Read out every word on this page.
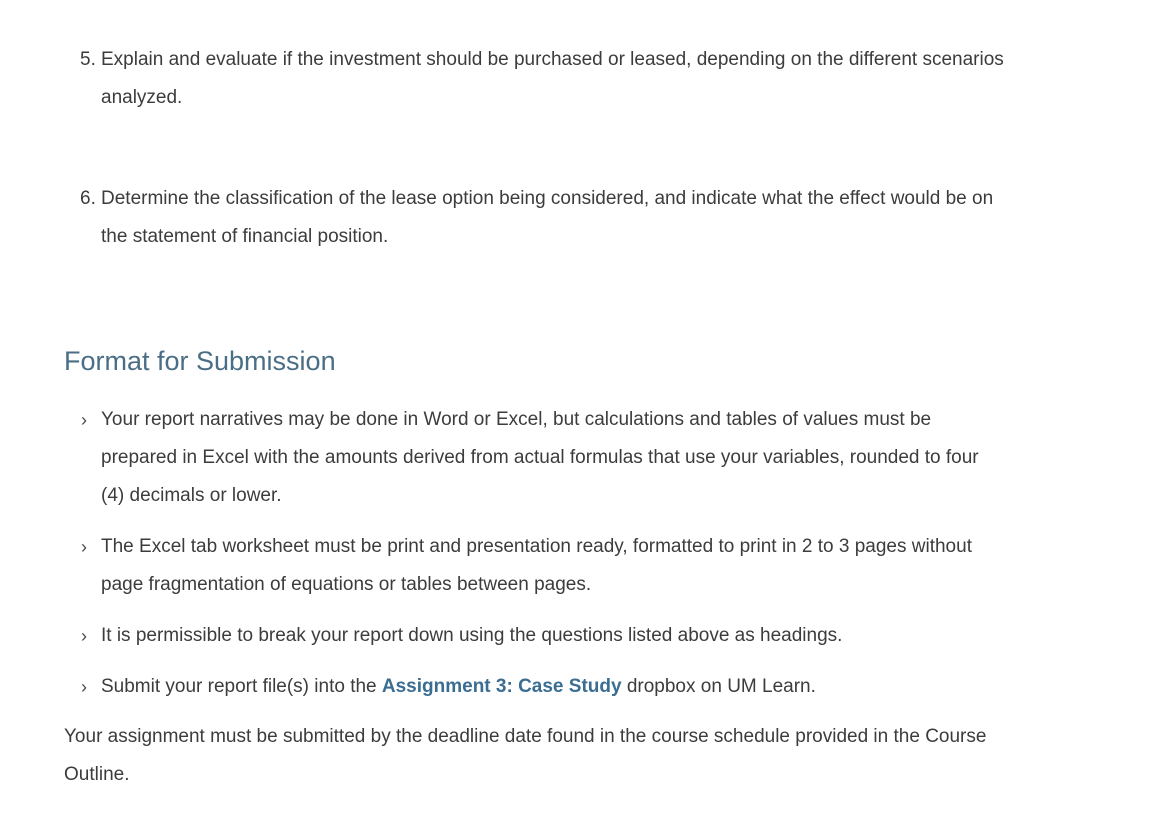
5. Explain and evaluate if the investment should be purchased or leased, depending on the different scenarios analyzed.
6. Determine the classification of the lease option being considered, and indicate what the effect would be on the statement of financial position.
Format for Submission
› Your report narratives may be done in Word or Excel, but calculations and tables of values must be prepared in Excel with the amounts derived from actual formulas that use your variables, rounded to four (4) decimals or lower.
› The Excel tab worksheet must be print and presentation ready, formatted to print in 2 to 3 pages without page fragmentation of equations or tables between pages.
› It is permissible to break your report down using the questions listed above as headings.
› Submit your report file(s) into the Assignment 3: Case Study dropbox on UM Learn.

Your assignment must be submitted by the deadline date found in the course schedule provided in the Course Outline.
